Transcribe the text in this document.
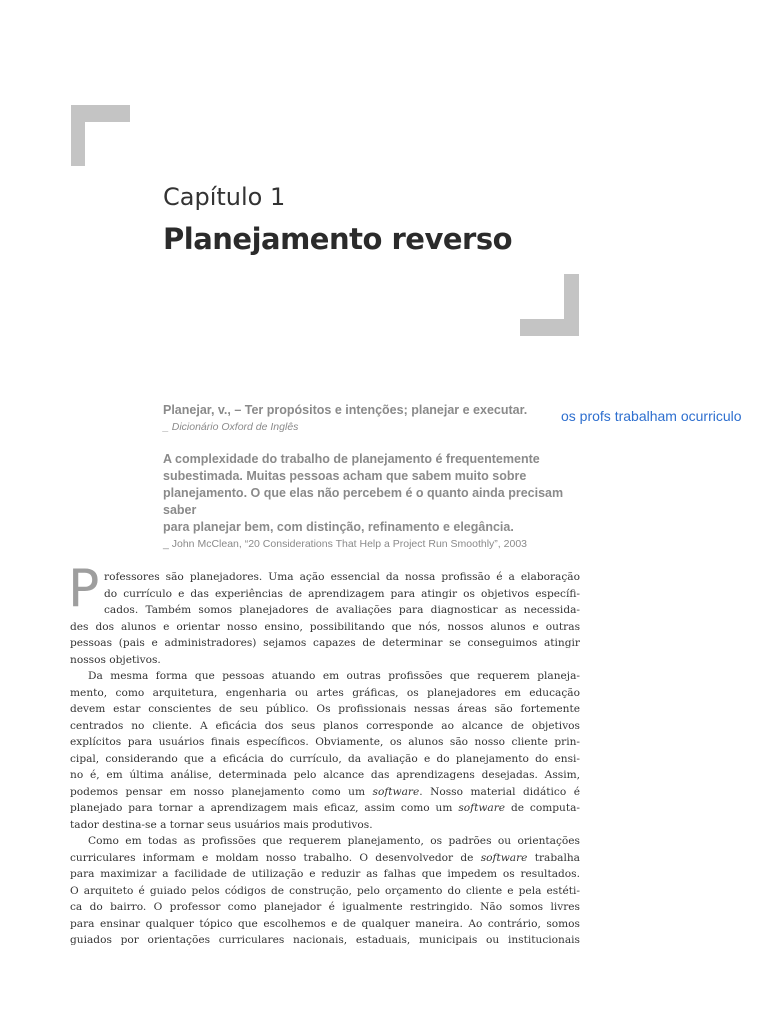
Capítulo 1
Planejamento reverso
Planejar, v., – Ter propósitos e intenções; planejar e executar.
_ Dicionário Oxford de Inglês
A complexidade do trabalho de planejamento é frequentemente
subestimada. Muitas pessoas acham que sabem muito sobre
planejamento. O que elas não percebem é o quanto ainda precisam saber
para planejar bem, com distinção, refinamento e elegância.
_ John McClean, “20 Considerations That Help a Project Run Smoothly”, 2003
os profs trabalham ocurriculo
P rofessores são planejadores. Uma ação essencial da nossa profissão é a elaboração
do currículo e das experiências de aprendizagem para atingir os objetivos específi-
cados. Também somos planejadores de avaliações para diagnosticar as necessida-
des dos alunos e orientar nosso ensino, possibilitando que nós, nossos alunos e outras
pessoas (pais e administradores) sejamos capazes de determinar se conseguimos atingir
nossos objetivos.
Da mesma forma que pessoas atuando em outras profissões que requerem planeja-
mento, como arquitetura, engenharia ou artes gráficas, os planejadores em educação
devem estar conscientes de seu público. Os profissionais nessas áreas são fortemente
centrados no cliente. A eficácia dos seus planos corresponde ao alcance de objetivos
explícitos para usuários finais específicos. Obviamente, os alunos são nosso cliente prin-
cipal, considerando que a eficácia do currículo, da avaliação e do planejamento do ensi-
no é, em última análise, determinada pelo alcance das aprendizagens desejadas. Assim,
podemos pensar em nosso planejamento como um software. Nosso material didático é
planejado para tornar a aprendizagem mais eficaz, assim como um software de computa-
tador destina-se a tornar seus usuários mais produtivos.
Como em todas as profissões que requerem planejamento, os padrões ou orientações
curriculares informam e moldam nosso trabalho. O desenvolvedor de software trabalha
para maximizar a facilidade de utilização e reduzir as falhas que impedem os resultados.
O arquiteto é guiado pelos códigos de construção, pelo orçamento do cliente e pela estéti-
ca do bairro. O professor como planejador é igualmente restringido. Não somos livres
para ensinar qualquer tópico que escolhemos e de qualquer maneira. Ao contrário, somos
guiados por orientações curriculares nacionais, estaduais, municipais ou institucionais
